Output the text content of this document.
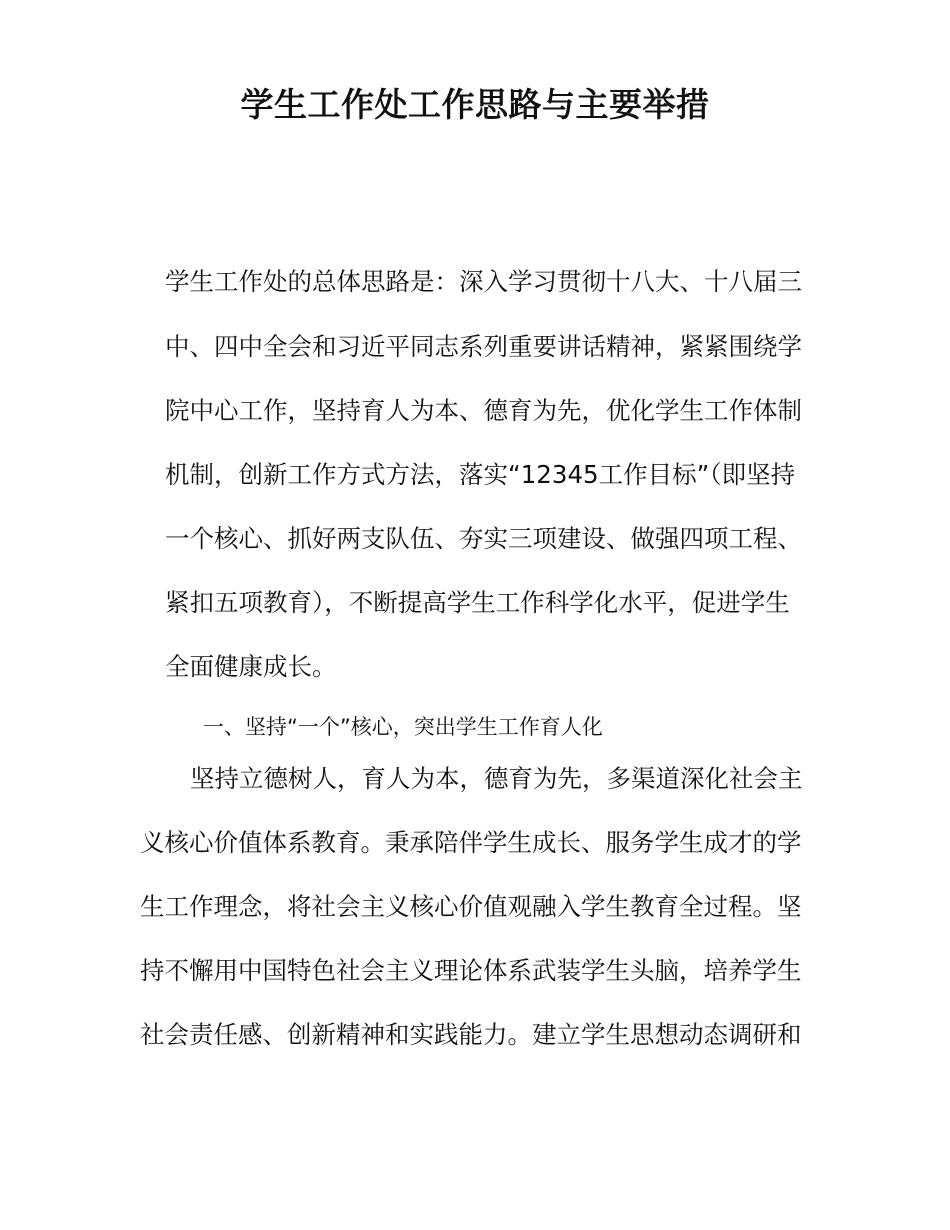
学生工作处工作思路与主要举措
学生工作处的总体思路是：深入学习贯彻十八大、十八届三
中、四中全会和习近平同志系列重要讲话精神，紧紧围绕学
院中心工作，坚持育人为本、德育为先，优化学生工作体制
机制，创新工作方式方法，落实“12345工作目标”（即坚持
一个核心、抓好两支队伍、夯实三项建设、做强四项工程、
紧扣五项教育），不断提高学生工作科学化水平，促进学生
全面健康成长。
一、坚持“一个”核心，突出学生工作育人化
坚持立德树人，育人为本，德育为先，多渠道深化社会主
义核心价值体系教育。秉承陪伴学生成长、服务学生成才的学
生工作理念，将社会主义核心价值观融入学生教育全过程。坚
持不懈用中国特色社会主义理论体系武装学生头脑，培养学生
社会责任感、创新精神和实践能力。建立学生思想动态调研和
